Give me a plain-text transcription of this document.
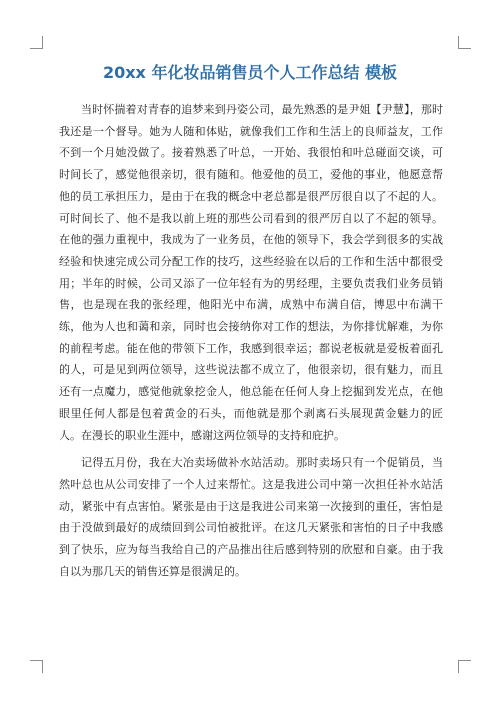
20xx 年化妆品销售员个人工作总结 模板

当时怀揣着对青春的追梦来到丹姿公司，最先熟悉的是尹姐【尹慧】，那时我还是一个督导。她为人随和体贴，就像我们工作和生活上的良师益友，工作不到一个月她没做了。接着熟悉了叶总，一开始、我很怕和叶总碰面交谈，可时间长了，感觉他很亲切，很有随和。他爱他的员工，爱他的事业，他愿意帮他的员工承担压力，是由于在我的概念中老总都是很严厉很自以了不起的人。可时间长了、他不是我以前上班的那些公司看到的很严厉自以了不起的领导。在他的强力重视中，我成为了一业务员，在他的领导下，我会学到很多的实战经验和快速完成公司分配工作的技巧，这些经验在以后的工作和生活中都很受用；半年的时候，公司又添了一位年轻有为的男经理，主要负责我们业务员销售，也是现在我的张经理，他阳光中布满，成熟中布满自信，博思中布满干练，他为人也和蔼和亲，同时也会接纳你对工作的想法，为你排忧解难，为你的前程考虑。能在他的带领下工作，我感到很幸运；都说老板就是爱板着面孔的人，可是见到两位领导，这些说法都不成立了，他很亲切，很有魅力，而且还有一点魔力，感觉他就象挖金人，他总能在任何人身上挖掘到发光点，在他眼里任何人都是包着黄金的石头，而他就是那个剥离石头展现黄金魅力的匠人。在漫长的职业生涯中，感谢这两位领导的支持和庇护。

记得五月份，我在大冶卖场做补水站活动。那时卖场只有一个促销员，当然叶总也从公司安排了一个人过来帮忙。这是我进公司中第一次担任补水站活动，紧张中有点害怕。紧张是由于这是我进公司来第一次接到的重任，害怕是由于没做到最好的成绩回到公司怕被批评。在这几天紧张和害怕的日子中我感到了快乐，应为每当我给自己的产品推出往后感到特别的欣慰和自豪。由于我自以为那几天的销售还算是很满足的。
